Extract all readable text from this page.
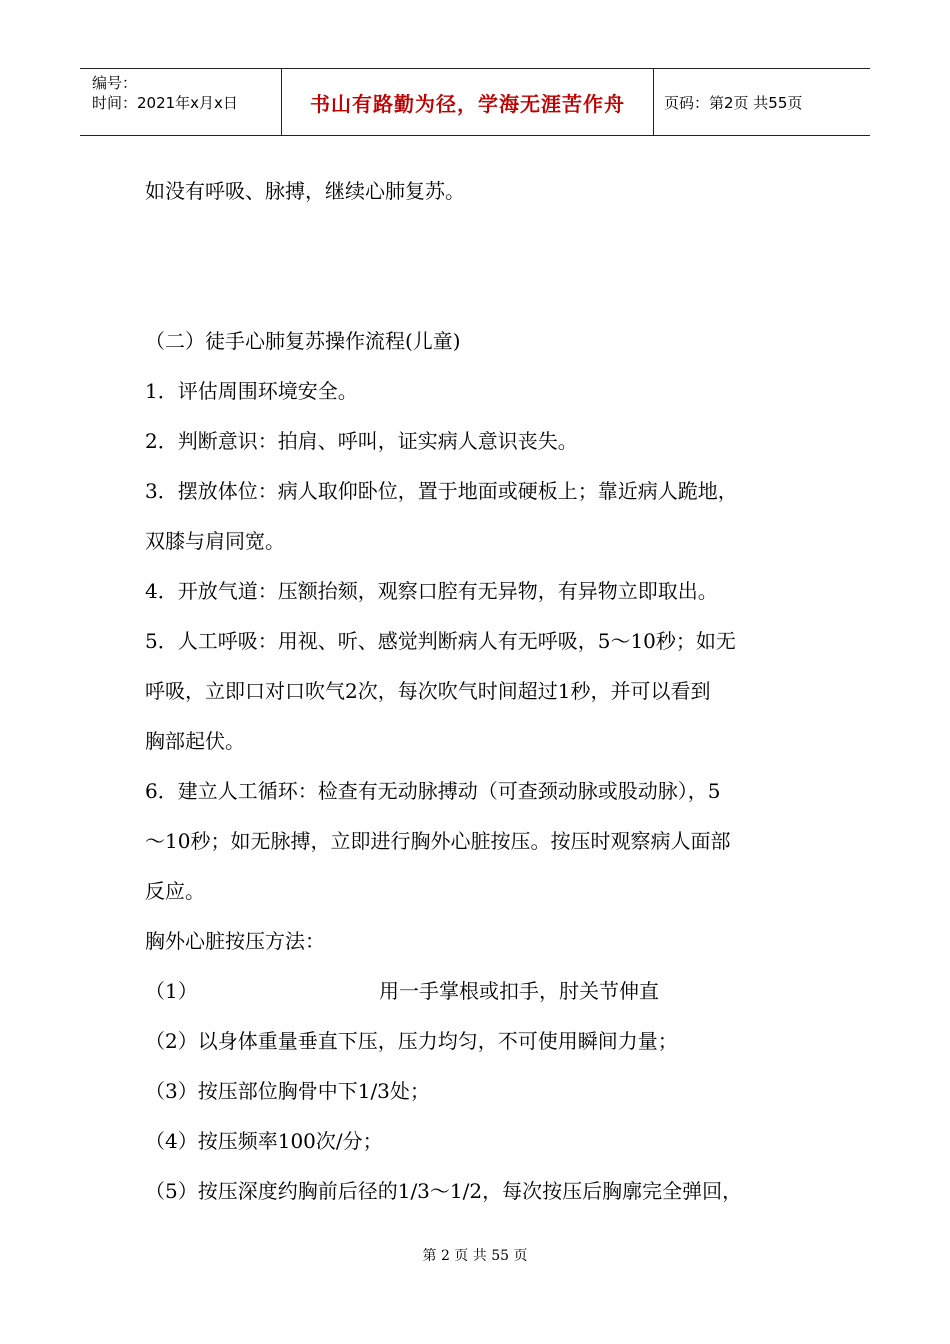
编号：
时间：2021年x月x日	书山有路勤为径，学海无涯苦作舟	页码：第2页 共55页
如没有呼吸、脉搏，继续心肺复苏。
（二）徒手心肺复苏操作流程(儿童)
1．评估周围环境安全。
2．判断意识：拍肩、呼叫，证实病人意识丧失。
3．摆放体位：病人取仰卧位，置于地面或硬板上；靠近病人跪地，
双膝与肩同宽。
4．开放气道：压额抬颏，观察口腔有无异物，有异物立即取出。
5．人工呼吸：用视、听、感觉判断病人有无呼吸，5～10秒；如无
呼吸，立即口对口吹气2次，每次吹气时间超过1秒，并可以看到
胸部起伏。
6．建立人工循环：检查有无动脉搏动（可查颈动脉或股动脉），5
～10秒；如无脉搏，立即进行胸外心脏按压。按压时观察病人面部
反应。
胸外心脏按压方法：
（1）	用一手掌根或扣手，肘关节伸直
（2）以身体重量垂直下压，压力均匀，不可使用瞬间力量；
（3）按压部位胸骨中下1/3处；
（4）按压频率100次/分；
（5）按压深度约胸前后径的1/3～1/2，每次按压后胸廓完全弹回，
第 2 页 共 55 页
